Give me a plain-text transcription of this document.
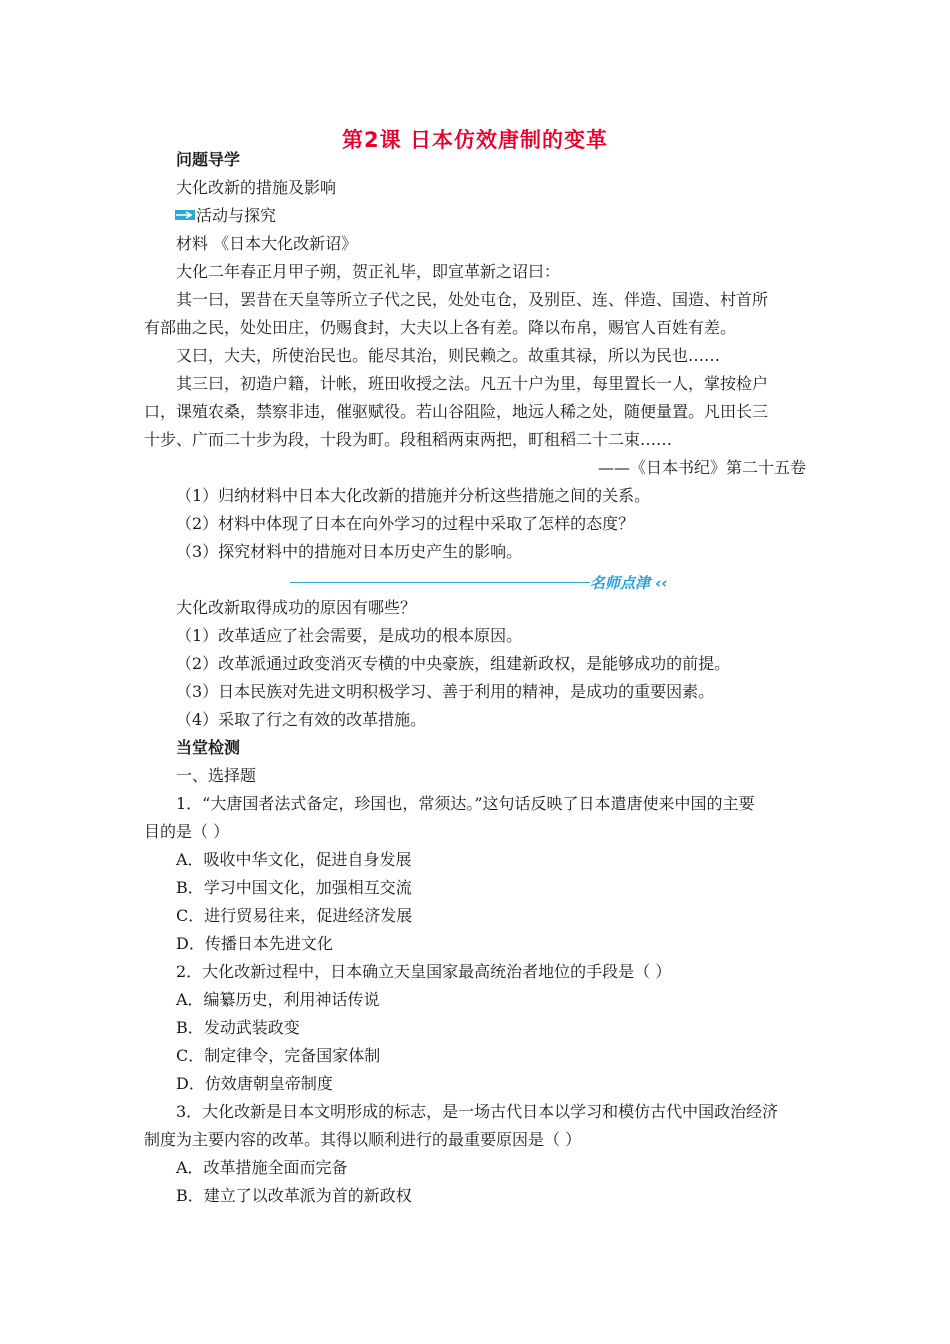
第2课 日本仿效唐制的变革
问题导学
大化改新的措施及影响
活动与探究
材料 《日本大化改新诏》
大化二年春正月甲子朔，贺正礼毕，即宣革新之诏曰：
其一曰，罢昔在天皇等所立子代之民，处处屯仓，及别臣、连、伴造、国造、村首所
有部曲之民，处处田庄，仍赐食封，大夫以上各有差。降以布帛，赐官人百姓有差。
又曰，大夫，所使治民也。能尽其治，则民赖之。故重其禄，所以为民也……
其三曰，初造户籍，计帐，班田收授之法。凡五十户为里，每里置长一人，掌按检户
口，课殖农桑，禁察非违，催驱赋役。若山谷阻险，地远人稀之处，随便量置。凡田长三
十步、广而二十步为段，十段为町。段租稻两束两把，町租稻二十二束……
——《日本书纪》第二十五卷
（1）归纳材料中日本大化改新的措施并分析这些措施之间的关系。
（2）材料中体现了日本在向外学习的过程中采取了怎样的态度？
（3）探究材料中的措施对日本历史产生的影响。
名师点津 ‹‹
大化改新取得成功的原因有哪些？
（1）改革适应了社会需要，是成功的根本原因。
（2）改革派通过政变消灭专横的中央豪族，组建新政权，是能够成功的前提。
（3）日本民族对先进文明积极学习、善于利用的精神，是成功的重要因素。
（4）采取了行之有效的改革措施。
当堂检测
一、选择题
1．“大唐国者法式备定，珍国也，常须达。”这句话反映了日本遣唐使来中国的主要
目的是（ ）
A．吸收中华文化，促进自身发展
B．学习中国文化，加强相互交流
C．进行贸易往来，促进经济发展
D．传播日本先进文化
2．大化改新过程中，日本确立天皇国家最高统治者地位的手段是（ ）
A．编纂历史，利用神话传说
B．发动武装政变
C．制定律令，完备国家体制
D．仿效唐朝皇帝制度
3．大化改新是日本文明形成的标志，是一场古代日本以学习和模仿古代中国政治经济
制度为主要内容的改革。其得以顺利进行的最重要原因是（ ）
A．改革措施全面而完备
B．建立了以改革派为首的新政权
